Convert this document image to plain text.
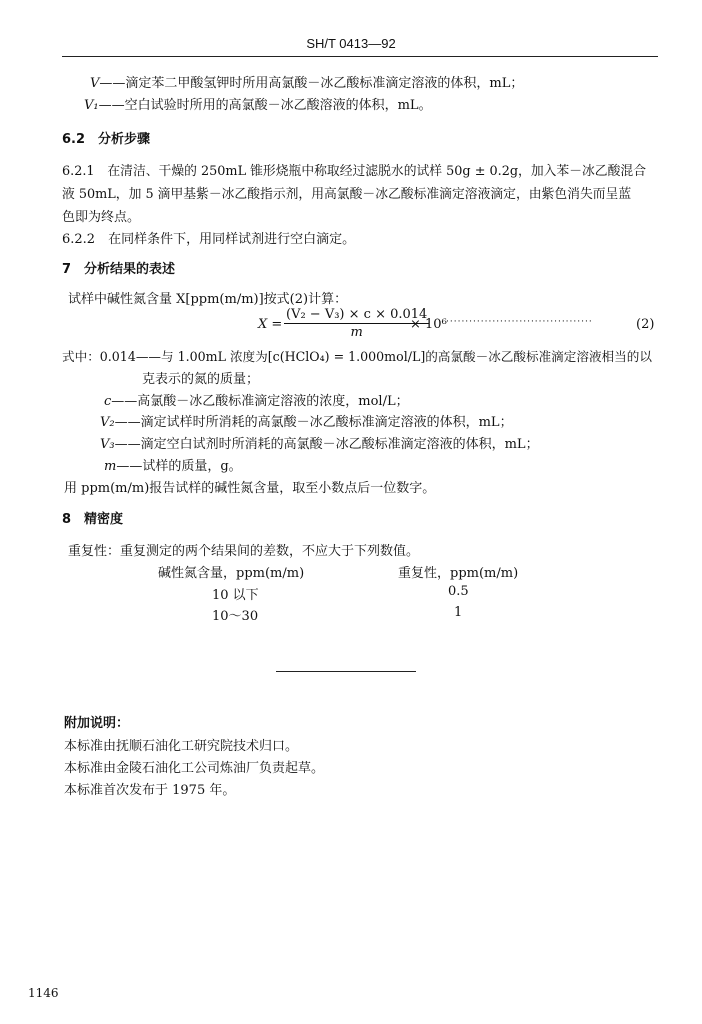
SH/T 0413—92
V——滴定苯二甲酸氢钾时所用高氯酸－冰乙酸标准滴定溶液的体积，mL；
V₁——空白试验时所用的高氯酸－冰乙酸溶液的体积，mL。
6.2　分析步骤
6.2.1　在清洁、干燥的 250mL 锥形烧瓶中称取经过滤脱水的试样 50g ± 0.2g，加入苯－冰乙酸混合
液 50mL，加 5 滴甲基紫－冰乙酸指示剂，用高氯酸－冰乙酸标准滴定溶液滴定，由紫色消失而呈蓝
色即为终点。
6.2.2　在同样条件下，用同样试剂进行空白滴定。
7　分析结果的表述
试样中碱性氮含量 X[ppm(m/m)]按式(2)计算：
$X = \frac{\text{(V₂ − V₃) × c × 0.014}}{m}$
× 10⁶ ······································	(2)
式中：0.014——与 1.00mL 浓度为[c(HClO₄) = 1.000mol/L]的高氯酸－冰乙酸标准滴定溶液相当的以
克表示的氮的质量；
c——高氯酸－冰乙酸标准滴定溶液的浓度，mol/L；
V₂——滴定试样时所消耗的高氯酸－冰乙酸标准滴定溶液的体积，mL；
V₃——滴定空白试剂时所消耗的高氯酸－冰乙酸标准滴定溶液的体积，mL；
m——试样的质量，g。
用 ppm(m/m)报告试样的碱性氮含量，取至小数点后一位数字。
8　精密度
重复性：重复测定的两个结果间的差数，不应大于下列数值。
碱性氮含量，ppm(m/m)	重复性，ppm(m/m)
10 以下	0.5
10～30	1
附加说明：
本标准由抚顺石油化工研究院技术归口。
本标准由金陵石油化工公司炼油厂负责起草。
本标准首次发布于 1975 年。
1146
